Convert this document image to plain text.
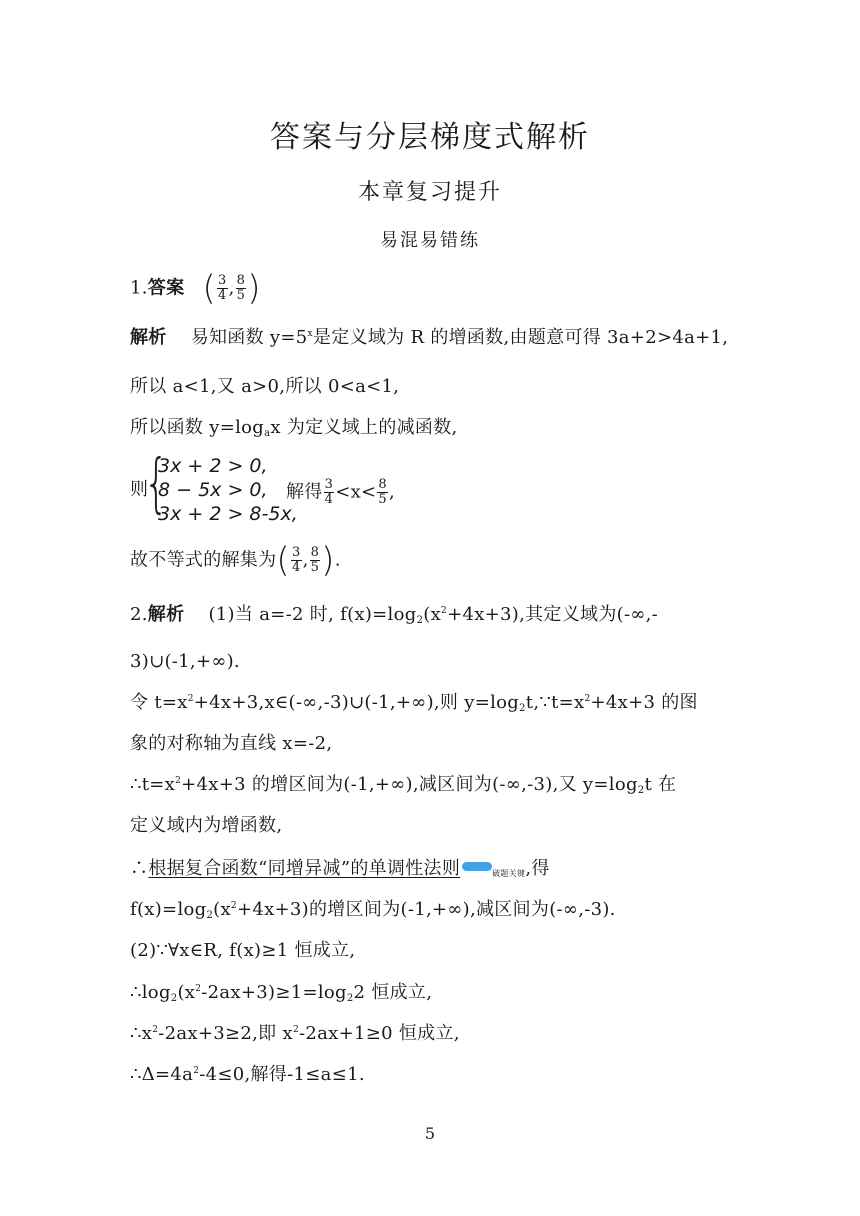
答案与分层梯度式解析
本章复习提升
易混易错练
1.答案 ( $\frac{3}{4}$ , $\frac{8}{5}$ )
解析 易知函数 $y=5^x$是定义域为 R 的增函数,由题意可得 3a+2>4a+1,
所以 a<1,又 a>0,所以 0<a<1,
所以函数 $y=\log_ax$ 为定义域上的减函数,
则
{
3x + 2 > 0,
8 − 5x > 0,
3x + 2 > 8-5x,
解得 $\frac{3}{4} <x< \frac{8}{5}$ ,
故不等式的解集为( $\frac{3}{4}$ , $\frac{8}{5}$ ).
2.解析 (1)当 a=-2 时, $f(x)=\log_2(x^2+4x+3)$,其定义域为(-∞,-
3)∪(-1,+∞).
令 $t=x^2+4x+3,x\in(-\infty,-3)\cup(-1,+\infty)$,则 $y=\log_2t,\because t=x^2+4x+3$ 的图
象的对称轴为直线 x=-2,
$\therefore t=x^2+4x+3$ 的增区间为(-1,+∞),减区间为(-∞,-3),又 $y=\log_2t$ 在
定义域内为增函数,
∴根据复合函数“同增异减”的单调性法则	破题关键,得
$f(x)=\log_2(x^2+4x+3)$的增区间为(-1,+∞),减区间为(-∞,-3).
(2)∵∀x∈R, f(x)≥1 恒成立,
$\therefore\log_2(x^2-2ax+3)\ge 1=\log_22$ 恒成立,
$\therefore x^2-2ax+3\ge 2$,即 $x^2-2ax+1\ge 0$ 恒成立,
$\therefore\Delta=4a^2-4\le 0$,解得-1≤a≤1.
5
